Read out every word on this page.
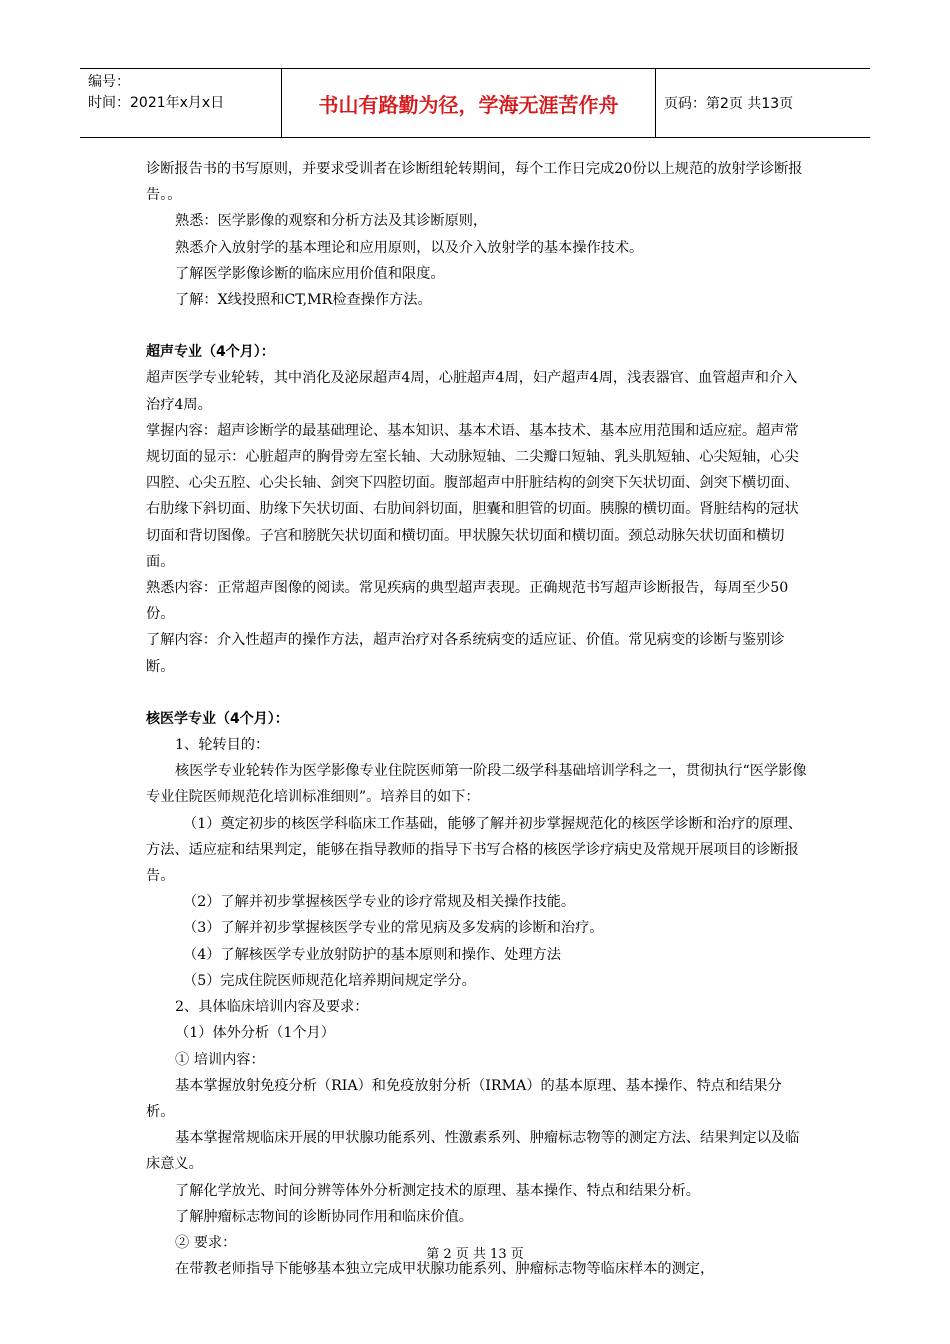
编号：
时间：2021年x月x日	书山有路勤为径，学海无涯苦作舟	页码：第2页 共13页

诊断报告书的书写原则，并要求受训者在诊断组轮转期间，每个工作日完成20份以上规范的放射学诊断报告。。

熟悉：医学影像的观察和分析方法及其诊断原则，

熟悉介入放射学的基本理论和应用原则，以及介入放射学的基本操作技术。

了解医学影像诊断的临床应用价值和限度。

了解：X线投照和CT,MR检查操作方法。

超声专业（4个月）：

超声医学专业轮转，其中消化及泌尿超声4周，心脏超声4周，妇产超声4周，浅表器官、血管超声和介入治疗4周。

掌握内容：超声诊断学的最基础理论、基本知识、基本术语、基本技术、基本应用范围和适应症。超声常规切面的显示：心脏超声的胸骨旁左室长轴、大动脉短轴、二尖瓣口短轴、乳头肌短轴、心尖短轴，心尖四腔、心尖五腔、心尖长轴、剑突下四腔切面。腹部超声中肝脏结构的剑突下矢状切面、剑突下横切面、右肋缘下斜切面、肋缘下矢状切面、右肋间斜切面，胆囊和胆管的切面。胰腺的横切面。肾脏结构的冠状切面和背切图像。子宫和膀胱矢状切面和横切面。甲状腺矢状切面和横切面。颈总动脉矢状切面和横切面。

熟悉内容：正常超声图像的阅读。常见疾病的典型超声表现。正确规范书写超声诊断报告，每周至少50份。

了解内容：介入性超声的操作方法，超声治疗对各系统病变的适应证、价值。常见病变的诊断与鉴别诊断。

核医学专业（4个月）：

1、轮转目的：

核医学专业轮转作为医学影像专业住院医师第一阶段二级学科基础培训学科之一，贯彻执行“医学影像专业住院医师规范化培训标准细则”。培养目的如下：

（1）奠定初步的核医学科临床工作基础，能够了解并初步掌握规范化的核医学诊断和治疗的原理、方法、适应症和结果判定，能够在指导教师的指导下书写合格的核医学诊疗病史及常规开展项目的诊断报告。

（2）了解并初步掌握核医学专业的诊疗常规及相关操作技能。

（3）了解并初步掌握核医学专业的常见病及多发病的诊断和治疗。

（4）了解核医学专业放射防护的基本原则和操作、处理方法

（5）完成住院医师规范化培养期间规定学分。

2、具体临床培训内容及要求：

（1）体外分析（1个月）

① 培训内容：

基本掌握放射免疫分析（RIA）和免疫放射分析（IRMA）的基本原理、基本操作、特点和结果分析。

基本掌握常规临床开展的甲状腺功能系列、性激素系列、肿瘤标志物等的测定方法、结果判定以及临床意义。

了解化学放光、时间分辨等体外分析测定技术的原理、基本操作、特点和结果分析。

了解肿瘤标志物间的诊断协同作用和临床价值。

② 要求：

在带教老师指导下能够基本独立完成甲状腺功能系列、肿瘤标志物等临床样本的测定，

第 2 页 共 13 页
